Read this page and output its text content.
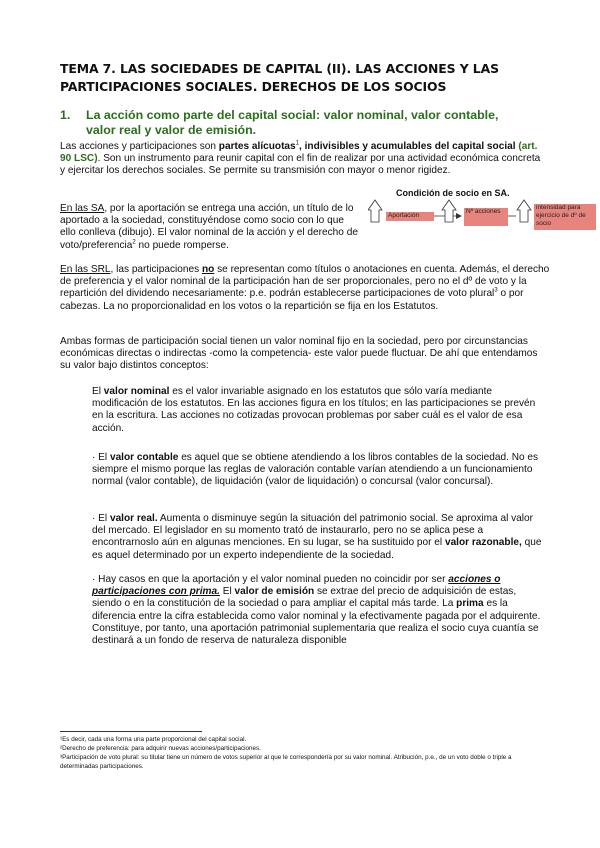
TEMA 7. LAS SOCIEDADES DE CAPITAL (II). LAS ACCIONES Y LAS PARTICIPACIONES SOCIALES. DERECHOS DE LOS SOCIOS
1. La acción como parte del capital social: valor nominal, valor contable, valor real y valor de emisión.

Las acciones y participaciones son partes alícuotas$^1$, indivisibles y acumulables del capital social (art. 90 LSC). Son un instrumento para reunir capital con el fin de realizar por una actividad económica concreta y ejercitar los derechos sociales. Se permite su transmisión con mayor o menor rigidez.

En las SA, por la aportación se entrega una acción, un título de lo aportado a la sociedad, constituyéndose como socio con lo que ello conlleva (dibujo). El valor nominal de la acción y el derecho de voto/preferencia$^2$ no puede romperse.

Condición de socio en SA.
Aportación
Nº acciones
intensidad para ejercicio de dº de socio

En las SRL, las participaciones no se representan como títulos o anotaciones en cuenta. Además, el derecho de preferencia y el valor nominal de la participación han de ser proporcionales, pero no el dº de voto y la repartición del dividendo necesariamente: p.e. podrán establecerse participaciones de voto plural$^3$ o por cabezas. La no proporcionalidad en los votos o la repartición se fija en los Estatutos.

Ambas formas de participación social tienen un valor nominal fijo en la sociedad, pero por circunstancias económicas directas o indirectas -como la competencia- este valor puede fluctuar. De ahí que entendamos su valor bajo distintos conceptos:

El valor nominal es el valor invariable asignado en los estatutos que sólo varía mediante modificación de los estatutos. En las acciones figura en los títulos; en las participaciones se prevén en la escritura. Las acciones no cotizadas provocan problemas por saber cuál es el valor de esa acción.

· El valor contable es aquel que se obtiene atendiendo a los libros contables de la sociedad. No es siempre el mismo porque las reglas de valoración contable varían atendiendo a un funcionamiento normal (valor contable), de liquidación (valor de liquidación) o concursal (valor concursal).

· El valor real. Aumenta o disminuye según la situación del patrimonio social. Se aproxima al valor del mercado. El legislador en su momento trató de instaurarlo, pero no se aplica pese a encontrarnoslo aún en algunas menciones. En su lugar, se ha sustituido por el valor razonable, que es aquel determinado por un experto independiente de la sociedad.

· Hay casos en que la aportación y el valor nominal pueden no coincidir por ser acciones o participaciones con prima. El valor de emisión se extrae del precio de adquisición de estas, siendo o en la constitución de la sociedad o para ampliar el capital más tarde. La prima es la diferencia entre la cifra establecida como valor nominal y la efectivamente pagada por el adquirente. Constituye, por tanto, una aportación patrimonial suplementaria que realiza el socio cuya cuantía se destinará a un fondo de reserva de naturaleza disponible

¹Es decir, cada una forma una parte proporcional del capital social.

²Derecho de preferencia: para adquirir nuevas acciones/participaciones.

³Participación de voto plural: su titular tiene un número de votos superior al que le correspondería por su valor nominal. Atribución, p.e., de un voto doble o triple a determinadas participaciones.
